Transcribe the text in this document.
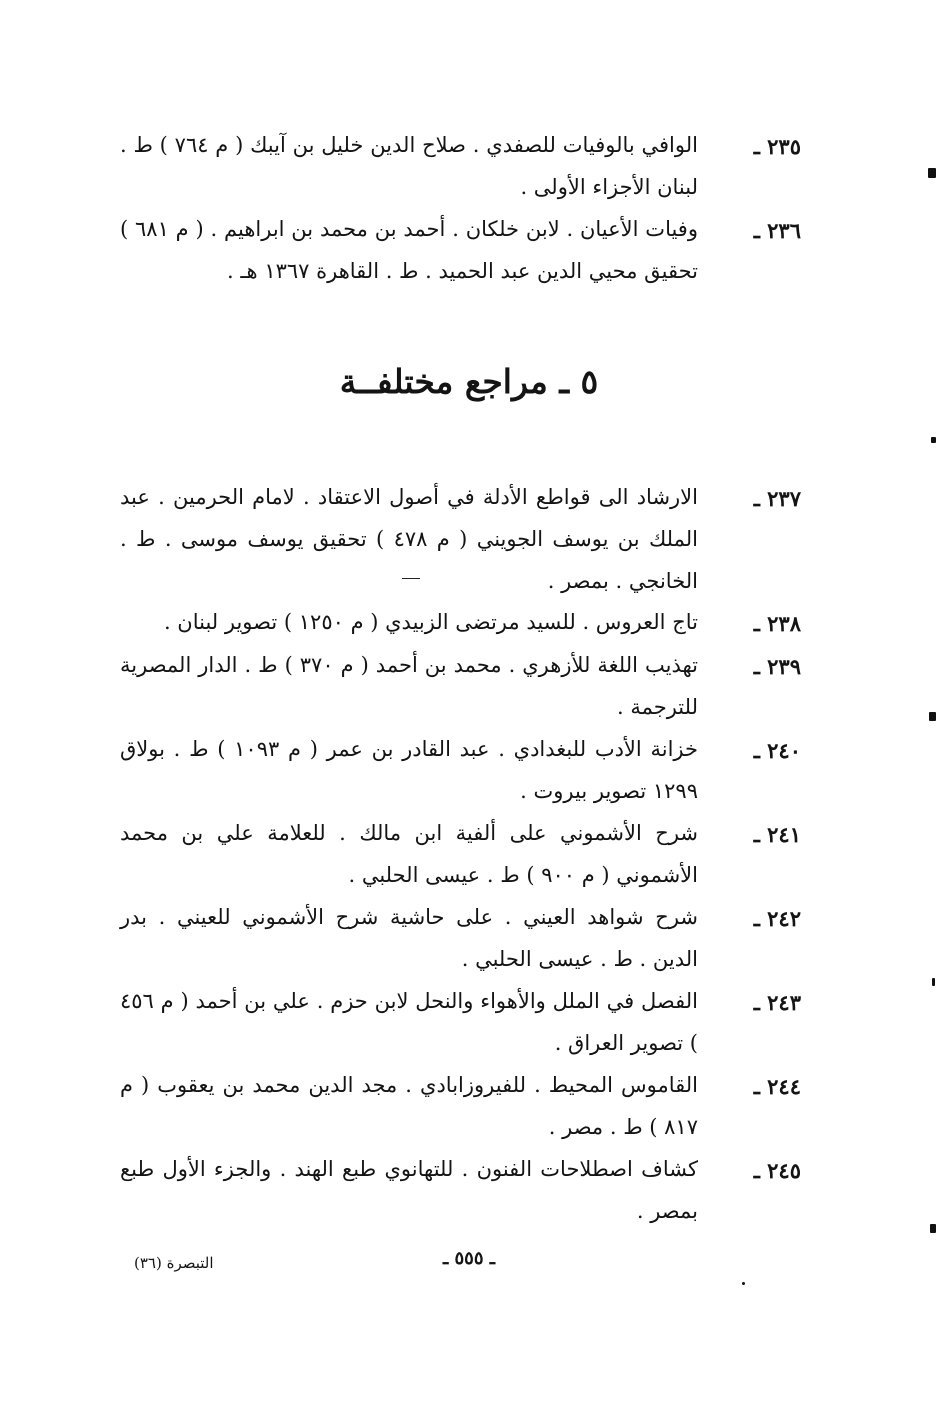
٢٣٥ ـ
الوافي بالوفيات للصفدي . صلاح الدين خليل بن آيبك ( م ٧٦٤ ) ط . لبنان الأجزاء الأولى .
٢٣٦ ـ
وفيات الأعيان . لابن خلكان . أحمد بن محمد بن ابراهيم . ( م ٦٨١ ) تحقيق محيي الدين عبد الحميد . ط . القاهرة ١٣٦٧ هـ .
٥ ـ مراجع مختلفــة
٢٣٧ ـ
الارشاد الى قواطع الأدلة في أصول الاعتقاد . لامام الحرمين . عبد الملك بن يوسف الجويني ( م ٤٧٨ ) تحقيق يوسف موسى . ط . الخانجي . بمصر .
٢٣٨ ـ
تاج العروس . للسيد مرتضى الزبيدي ( م ١٢٥٠ ) تصوير لبنان .
٢٣٩ ـ
تهذيب اللغة للأزهري . محمد بن أحمد ( م ٣٧٠ ) ط . الدار المصرية للترجمة .
٢٤٠ ـ
خزانة الأدب للبغدادي . عبد القادر بن عمر ( م ١٠٩٣ ) ط . بولاق ١٢٩٩ تصوير بيروت .
٢٤١ ـ
شرح الأشموني على ألفية ابن مالك . للعلامة علي بن محمد الأشموني ( م ٩٠٠ ) ط . عيسى الحلبي .
٢٤٢ ـ
شرح شواهد العيني . على حاشية شرح الأشموني للعيني . بدر الدين . ط . عيسى الحلبي .
٢٤٣ ـ
الفصل في الملل والأهواء والنحل لابن حزم . علي بن أحمد ( م ٤٥٦ ) تصوير العراق .
٢٤٤ ـ
القاموس المحيط . للفيروزابادي . مجد الدين محمد بن يعقوب ( م ٨١٧ ) ط . مصر .
٢٤٥ ـ
كشاف اصطلاحات الفنون . للتهانوي طبع الهند . والجزء الأول طبع بمصر .
ـ ٥٥٥ ـ
التبصرة (٣٦)
